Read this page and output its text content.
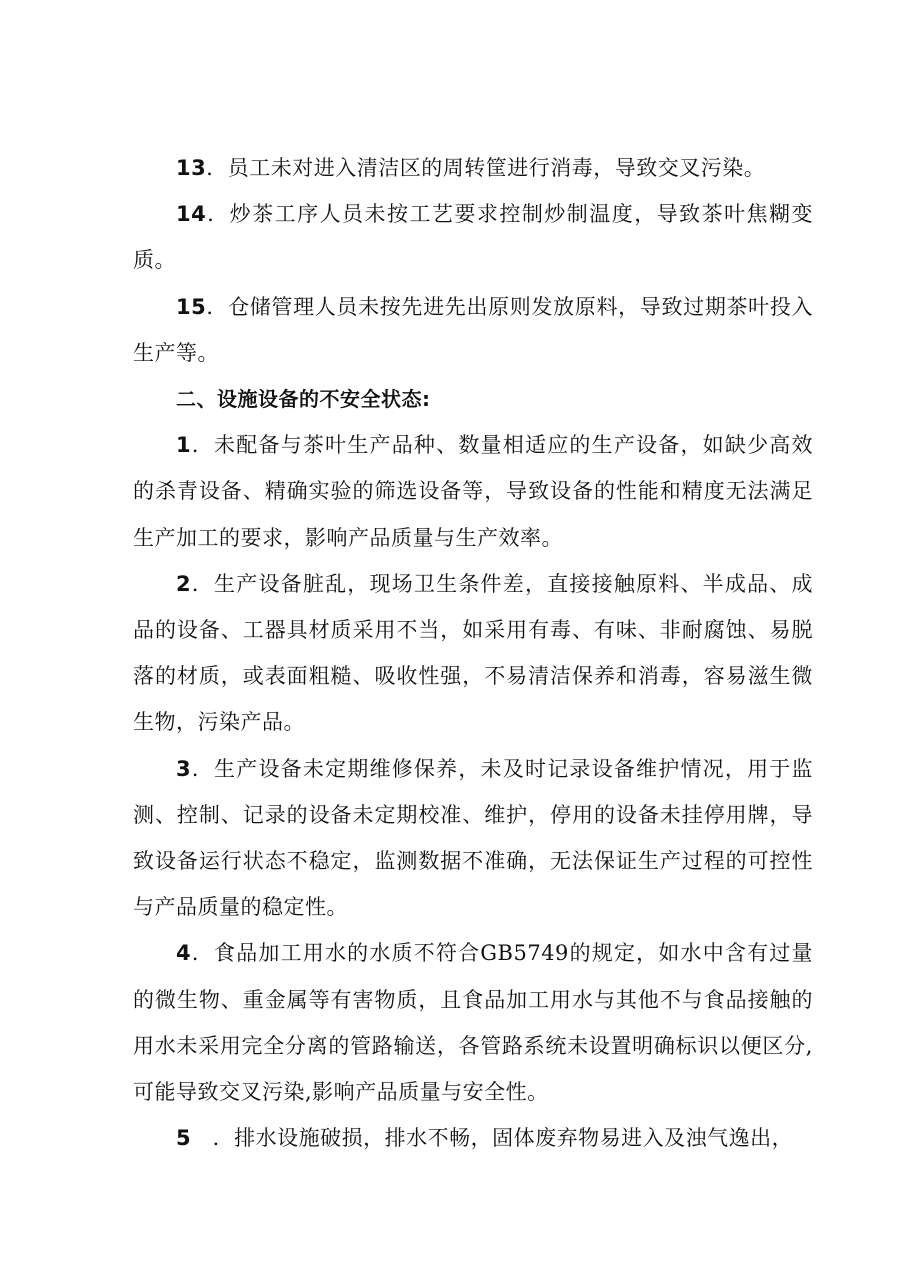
13．员工未对进入清洁区的周转筐进行消毒，导致交叉污染。

14．炒茶工序人员未按工艺要求控制炒制温度，导致茶叶焦糊变质。

15．仓储管理人员未按先进先出原则发放原料，导致过期茶叶投入生产等。

二、设施设备的不安全状态:

1．未配备与茶叶生产品种、数量相适应的生产设备，如缺少高效的杀青设备、精确实验的筛选设备等，导致设备的性能和精度无法满足生产加工的要求，影响产品质量与生产效率。

2．生产设备脏乱，现场卫生条件差，直接接触原料、半成品、成品的设备、工器具材质采用不当，如采用有毒、有味、非耐腐蚀、易脱落的材质，或表面粗糙、吸收性强，不易清洁保养和消毒，容易滋生微生物，污染产品。

3．生产设备未定期维修保养，未及时记录设备维护情况，用于监测、控制、记录的设备未定期校准、维护，停用的设备未挂停用牌，导致设备运行状态不稳定，监测数据不准确，无法保证生产过程的可控性与产品质量的稳定性。

4．食品加工用水的水质不符合GB5749的规定，如水中含有过量的微生物、重金属等有害物质，且食品加工用水与其他不与食品接触的用水未采用完全分离的管路输送，各管路系统未设置明确标识以便区分,可能导致交叉污染,影响产品质量与安全性。

5　．排水设施破损，排水不畅，固体废弃物易进入及浊气逸出，
